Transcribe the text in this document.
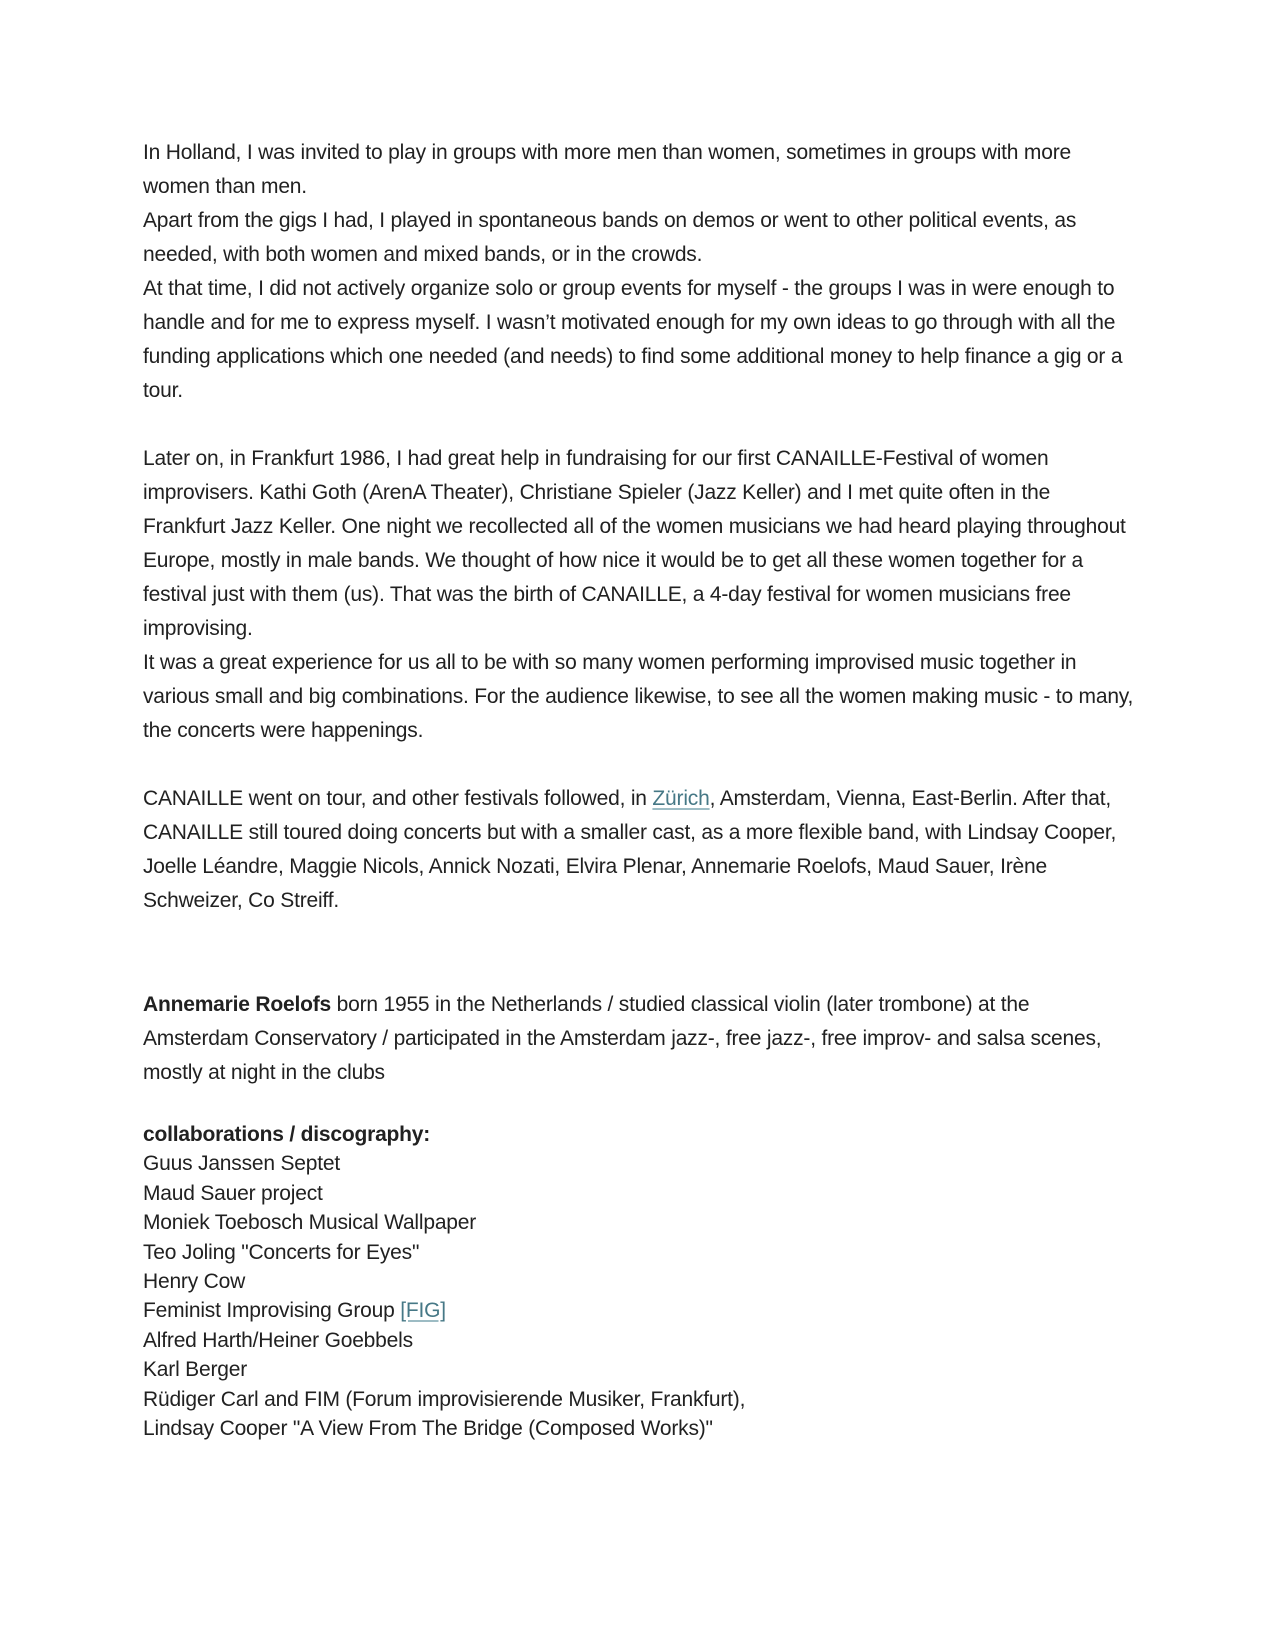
In Holland, I was invited to play in groups with more men than women, sometimes in groups with more women than men.

Apart from the gigs I had, I played in spontaneous bands on demos or went to other political events, as needed, with both women and mixed bands, or in the crowds.

At that time, I did not actively organize solo or group events for myself - the groups I was in were enough to handle and for me to express myself. I wasn’t motivated enough for my own ideas to go through with all the funding applications which one needed (and needs) to find some additional money to help finance a gig or a tour.

Later on, in Frankfurt 1986, I had great help in fundraising for our first CANAILLE-Festival of women improvisers. Kathi Goth (ArenA Theater), Christiane Spieler (Jazz Keller) and I met quite often in the Frankfurt Jazz Keller. One night we recollected all of the women musicians we had heard playing throughout Europe, mostly in male bands. We thought of how nice it would be to get all these women together for a festival just with them (us). That was the birth of CANAILLE, a 4-day festival for women musicians free improvising.

It was a great experience for us all to be with so many women performing improvised music together in various small and big combinations. For the audience likewise, to see all the women making music - to many, the concerts were happenings.

CANAILLE went on tour, and other festivals followed, in Zürich, Amsterdam, Vienna, East-Berlin. After that, CANAILLE still toured doing concerts but with a smaller cast, as a more flexible band, with Lindsay Cooper, Joelle Léandre, Maggie Nicols, Annick Nozati, Elvira Plenar, Annemarie Roelofs, Maud Sauer, Irène Schweizer, Co Streiff.

Annemarie Roelofs born 1955 in the Netherlands / studied classical violin (later trombone) at the Amsterdam Conservatory / participated in the Amsterdam jazz-, free jazz-, free improv- and salsa scenes, mostly at night in the clubs

collaborations / discography:

Guus Janssen Septet

Maud Sauer project

Moniek Toebosch Musical Wallpaper

Teo Joling "Concerts for Eyes"

Henry Cow

Feminist Improvising Group [FIG]

Alfred Harth/Heiner Goebbels

Karl Berger

Rüdiger Carl and FIM (Forum improvisierende Musiker, Frankfurt),

Lindsay Cooper "A View From The Bridge (Composed Works)"
